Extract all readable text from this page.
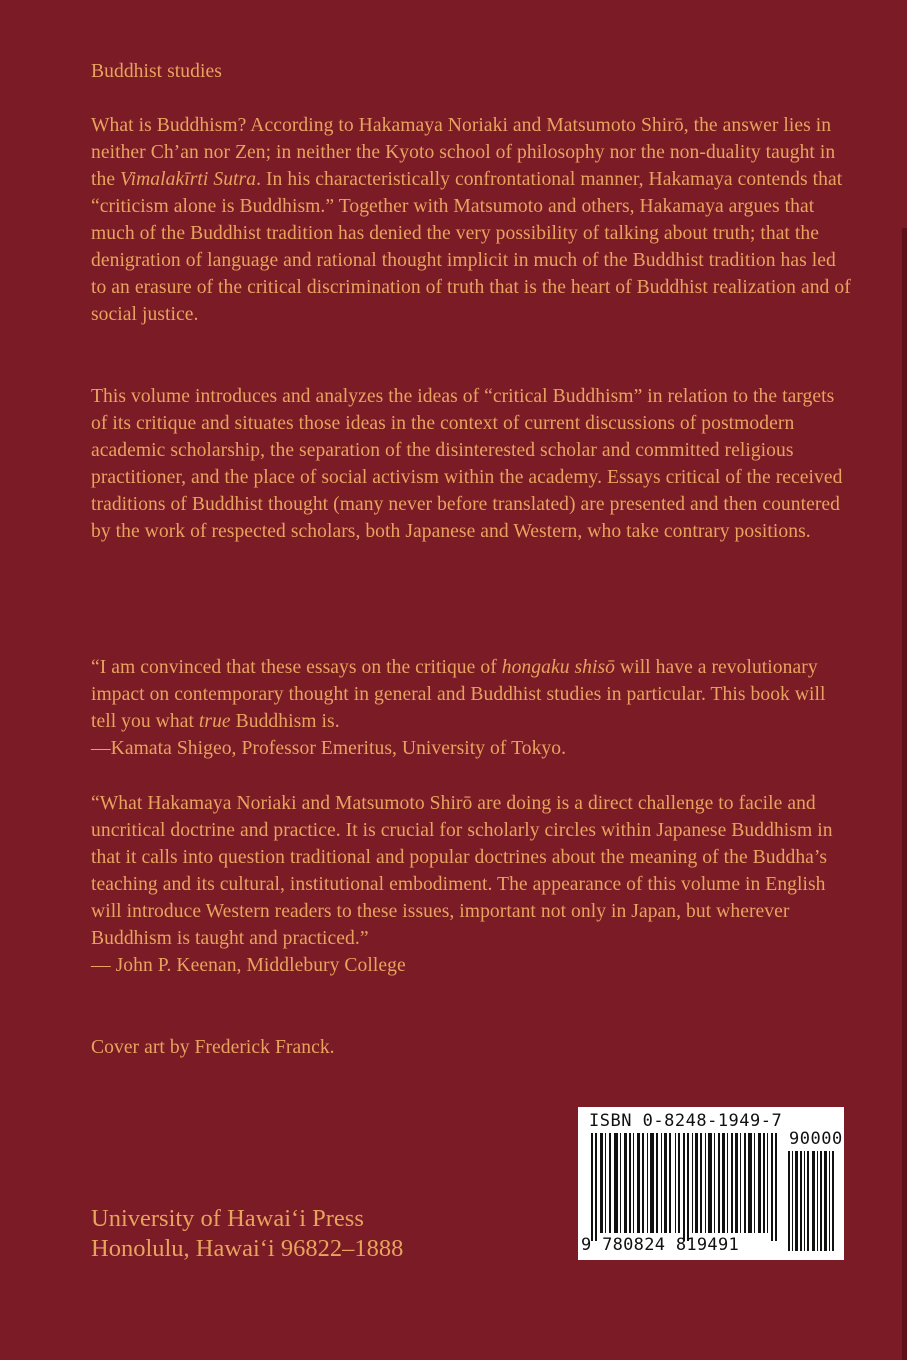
Buddhist studies

What is Buddhism? According to Hakamaya Noriaki and Matsumoto Shirō, the answer lies in neither Ch’an nor Zen; in neither the Kyoto school of philosophy nor the non-duality taught in the Vimalakīrti Sutra. In his characteristically confrontational manner, Hakamaya contends that “criticism alone is Buddhism.” Together with Matsumoto and others, Hakamaya argues that much of the Buddhist tradition has denied the very possibility of talking about truth; that the denigration of language and rational thought implicit in much of the Buddhist tradition has led to an erasure of the critical discrimination of truth that is the heart of Buddhist realization and of social justice.

This volume introduces and analyzes the ideas of “critical Buddhism” in relation to the targets of its critique and situates those ideas in the context of current discussions of postmodern academic scholarship, the separation of the disinterested scholar and committed religious practitioner, and the place of social activism within the academy. Essays critical of the received traditions of Buddhist thought (many never before translated) are presented and then countered by the work of respected scholars, both Japanese and Western, who take contrary positions.

“I am convinced that these essays on the critique of hongaku shisō will have a revolutionary impact on contemporary thought in general and Buddhist studies in particular. This book will tell you what true Buddhism is.
—Kamata Shigeo, Professor Emeritus, University of Tokyo.

“What Hakamaya Noriaki and Matsumoto Shirō are doing is a direct challenge to facile and uncritical doctrine and practice. It is crucial for scholarly circles within Japanese Buddhism in that it calls into question traditional and popular doctrines about the meaning of the Buddha’s teaching and its cultural, institutional embodiment. The appearance of this volume in English will introduce Western readers to these issues, important not only in Japan, but wherever Buddhism is taught and practiced.”
— John P. Keenan, Middlebury College

Cover art by Frederick Franck.
University of Hawai‘i Press
Honolulu, Hawai‘i 96822–1888
ISBN 0-8248-1949-7
90000
9 780824 819491
